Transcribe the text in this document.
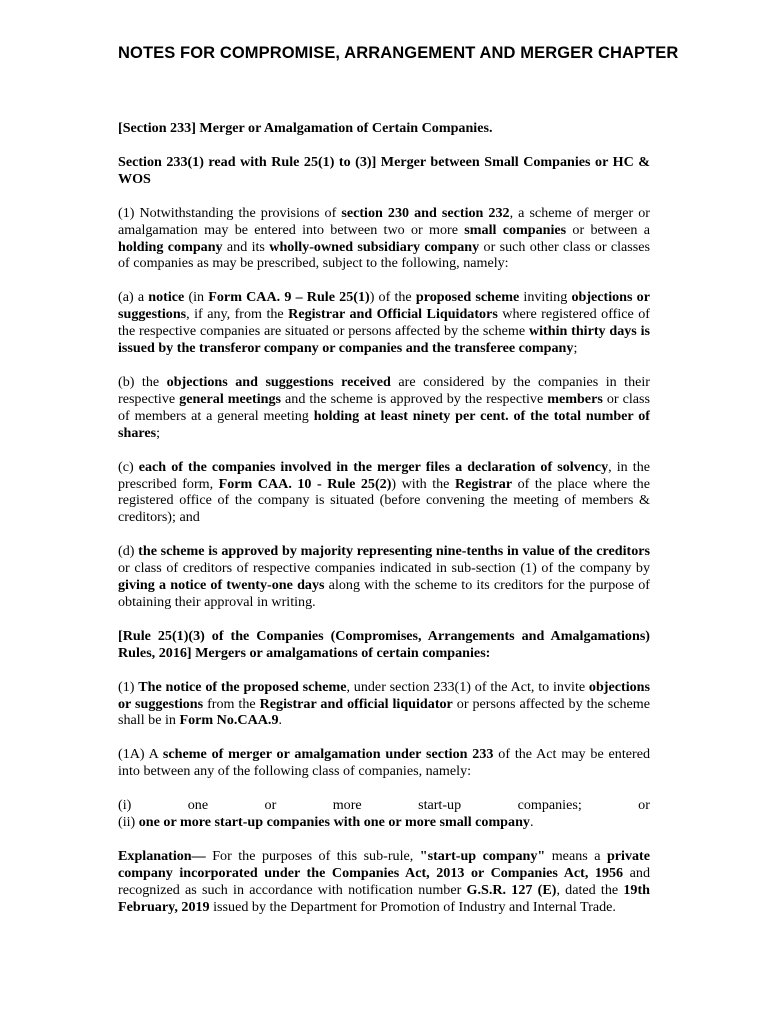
NOTES FOR COMPROMISE, ARRANGEMENT AND MERGER CHAPTER

[Section 233] Merger or Amalgamation of Certain Companies.

Section 233(1) read with Rule 25(1) to (3)] Merger between Small Companies or HC & WOS

(1) Notwithstanding the provisions of section 230 and section 232, a scheme of merger or amalgamation may be entered into between two or more small companies or between a holding company and its wholly-owned subsidiary company or such other class or classes of companies as may be prescribed, subject to the following, namely:

(a) a notice (in Form CAA. 9 – Rule 25(1)) of the proposed scheme inviting objections or suggestions, if any, from the Registrar and Official Liquidators where registered office of the respective companies are situated or persons affected by the scheme within thirty days is issued by the transferor company or companies and the transferee company;

(b) the objections and suggestions received are considered by the companies in their respective general meetings and the scheme is approved by the respective members or class of members at a general meeting holding at least ninety per cent. of the total number of shares;

(c) each of the companies involved in the merger files a declaration of solvency, in the prescribed form, Form CAA. 10 - Rule 25(2)) with the Registrar of the place where the registered office of the company is situated (before convening the meeting of members & creditors); and

(d) the scheme is approved by majority representing nine-tenths in value of the creditors or class of creditors of respective companies indicated in sub-section (1) of the company by giving a notice of twenty-one days along with the scheme to its creditors for the purpose of obtaining their approval in writing.

[Rule 25(1)(3) of the Companies (Compromises, Arrangements and Amalgamations) Rules, 2016] Mergers or amalgamations of certain companies:

(1) The notice of the proposed scheme, under section 233(1) of the Act, to invite objections or suggestions from the Registrar and official liquidator or persons affected by the scheme shall be in Form No.CAA.9.

(1A) A scheme of merger or amalgamation under section 233 of the Act may be entered into between any of the following class of companies, namely:

(i)	one	or	more	start-up	companies;	or

(ii) one or more start-up companies with one or more small company.

Explanation— For the purposes of this sub-rule, "start-up company" means a private company incorporated under the Companies Act, 2013 or Companies Act, 1956 and recognized as such in accordance with notification number G.S.R. 127 (E), dated the 19th February, 2019 issued by the Department for Promotion of Industry and Internal Trade.
